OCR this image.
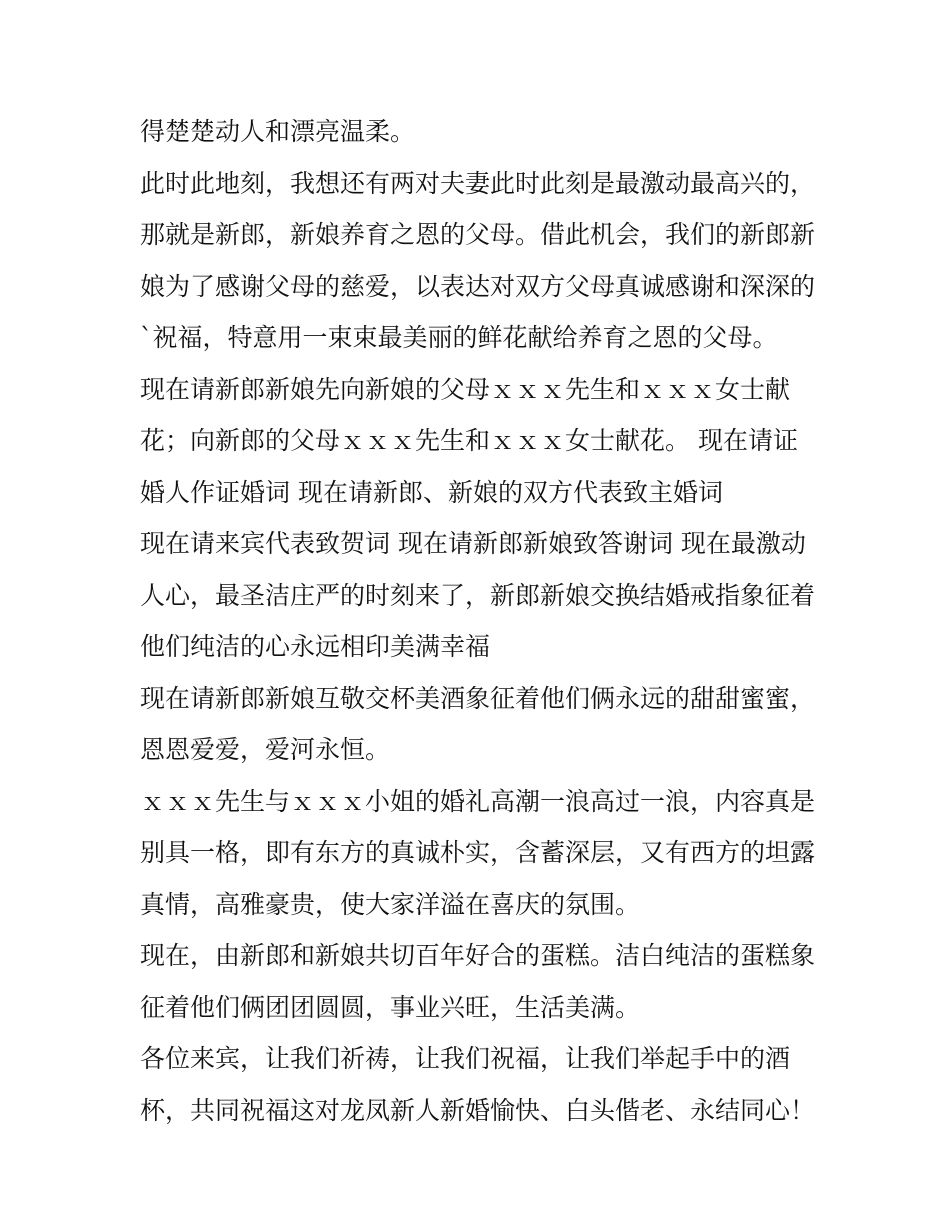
得楚楚动人和漂亮温柔。
此时此地刻，我想还有两对夫妻此时此刻是最激动最高兴的，
那就是新郎，新娘养育之恩的父母。借此机会，我们的新郎新
娘为了感谢父母的慈爱，以表达对双方父母真诚感谢和深深的
`祝福，特意用一束束最美丽的鲜花献给养育之恩的父母。
现在请新郎新娘先向新娘的父母ｘｘｘ先生和ｘｘｘ女士献
花；向新郎的父母ｘｘｘ先生和ｘｘｘ女士献花。 现在请证
婚人作证婚词 现在请新郎、新娘的双方代表致主婚词
现在请来宾代表致贺词 现在请新郎新娘致答谢词 现在最激动
人心，最圣洁庄严的时刻来了，新郎新娘交换结婚戒指象征着
他们纯洁的心永远相印美满幸福
现在请新郎新娘互敬交杯美酒象征着他们俩永远的甜甜蜜蜜，
恩恩爱爱，爱河永恒。
ｘｘｘ先生与ｘｘｘ小姐的婚礼高潮一浪高过一浪，内容真是
别具一格，即有东方的真诚朴实，含蓄深层，又有西方的坦露
真情，高雅豪贵，使大家洋溢在喜庆的氛围。
现在，由新郎和新娘共切百年好合的蛋糕。洁白纯洁的蛋糕象
征着他们俩团团圆圆，事业兴旺，生活美满。
各位来宾，让我们祈祷，让我们祝福，让我们举起手中的酒
杯，共同祝福这对龙凤新人新婚愉快、白头偕老、永结同心！
